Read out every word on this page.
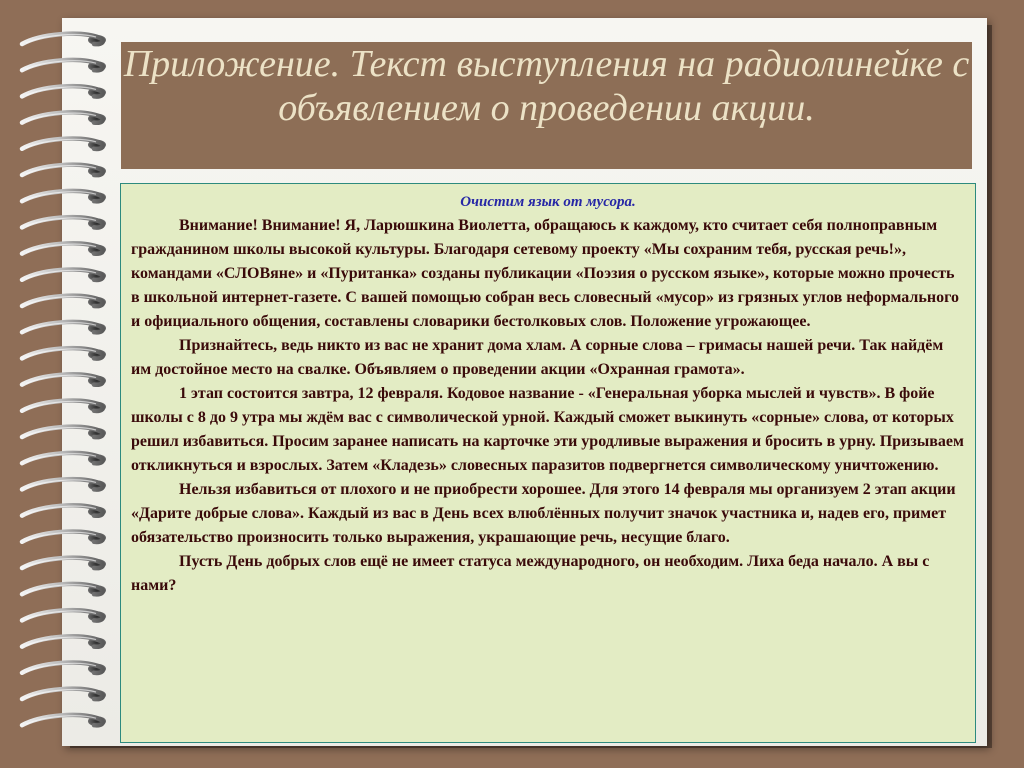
Приложение. Текст выступления на радиолинейке с объявлением о проведении акции.

Очистим язык от мусора.

Внимание! Внимание! Я, Ларюшкина Виолетта, обращаюсь к каждому, кто считает себя полноправным гражданином школы высокой культуры. Благодаря сетевому проекту «Мы сохраним тебя, русская речь!», командами «СЛОВяне» и «Пуританка» созданы публикации «Поэзия о русском языке», которые можно прочесть в школьной интернет-газете. С вашей помощью собран весь словесный «мусор» из грязных углов неформального и официального общения, составлены словарики бестолковых слов. Положение угрожающее.

Признайтесь, ведь никто из вас не хранит дома хлам. А сорные слова – гримасы нашей речи. Так найдём им достойное место на свалке. Объявляем о проведении акции «Охранная грамота».

1 этап состоится завтра, 12 февраля. Кодовое название - «Генеральная уборка мыслей и чувств». В фойе школы с 8 до 9 утра мы ждём вас с символической урной. Каждый сможет выкинуть «сорные» слова, от которых решил избавиться. Просим заранее написать на карточке эти уродливые выражения и бросить в урну. Призываем откликнуться и взрослых. Затем «Кладезь» словесных паразитов подвергнется символическому уничтожению.

Нельзя избавиться от плохого и не приобрести хорошее. Для этого 14 февраля мы организуем 2 этап акции «Дарите добрые слова». Каждый из вас в День всех влюблённых получит значок участника и, надев его, примет обязательство произносить только выражения, украшающие речь, несущие благо.

Пусть День добрых слов ещё не имеет статуса международного, он необходим. Лиха беда начало. А вы с нами?
